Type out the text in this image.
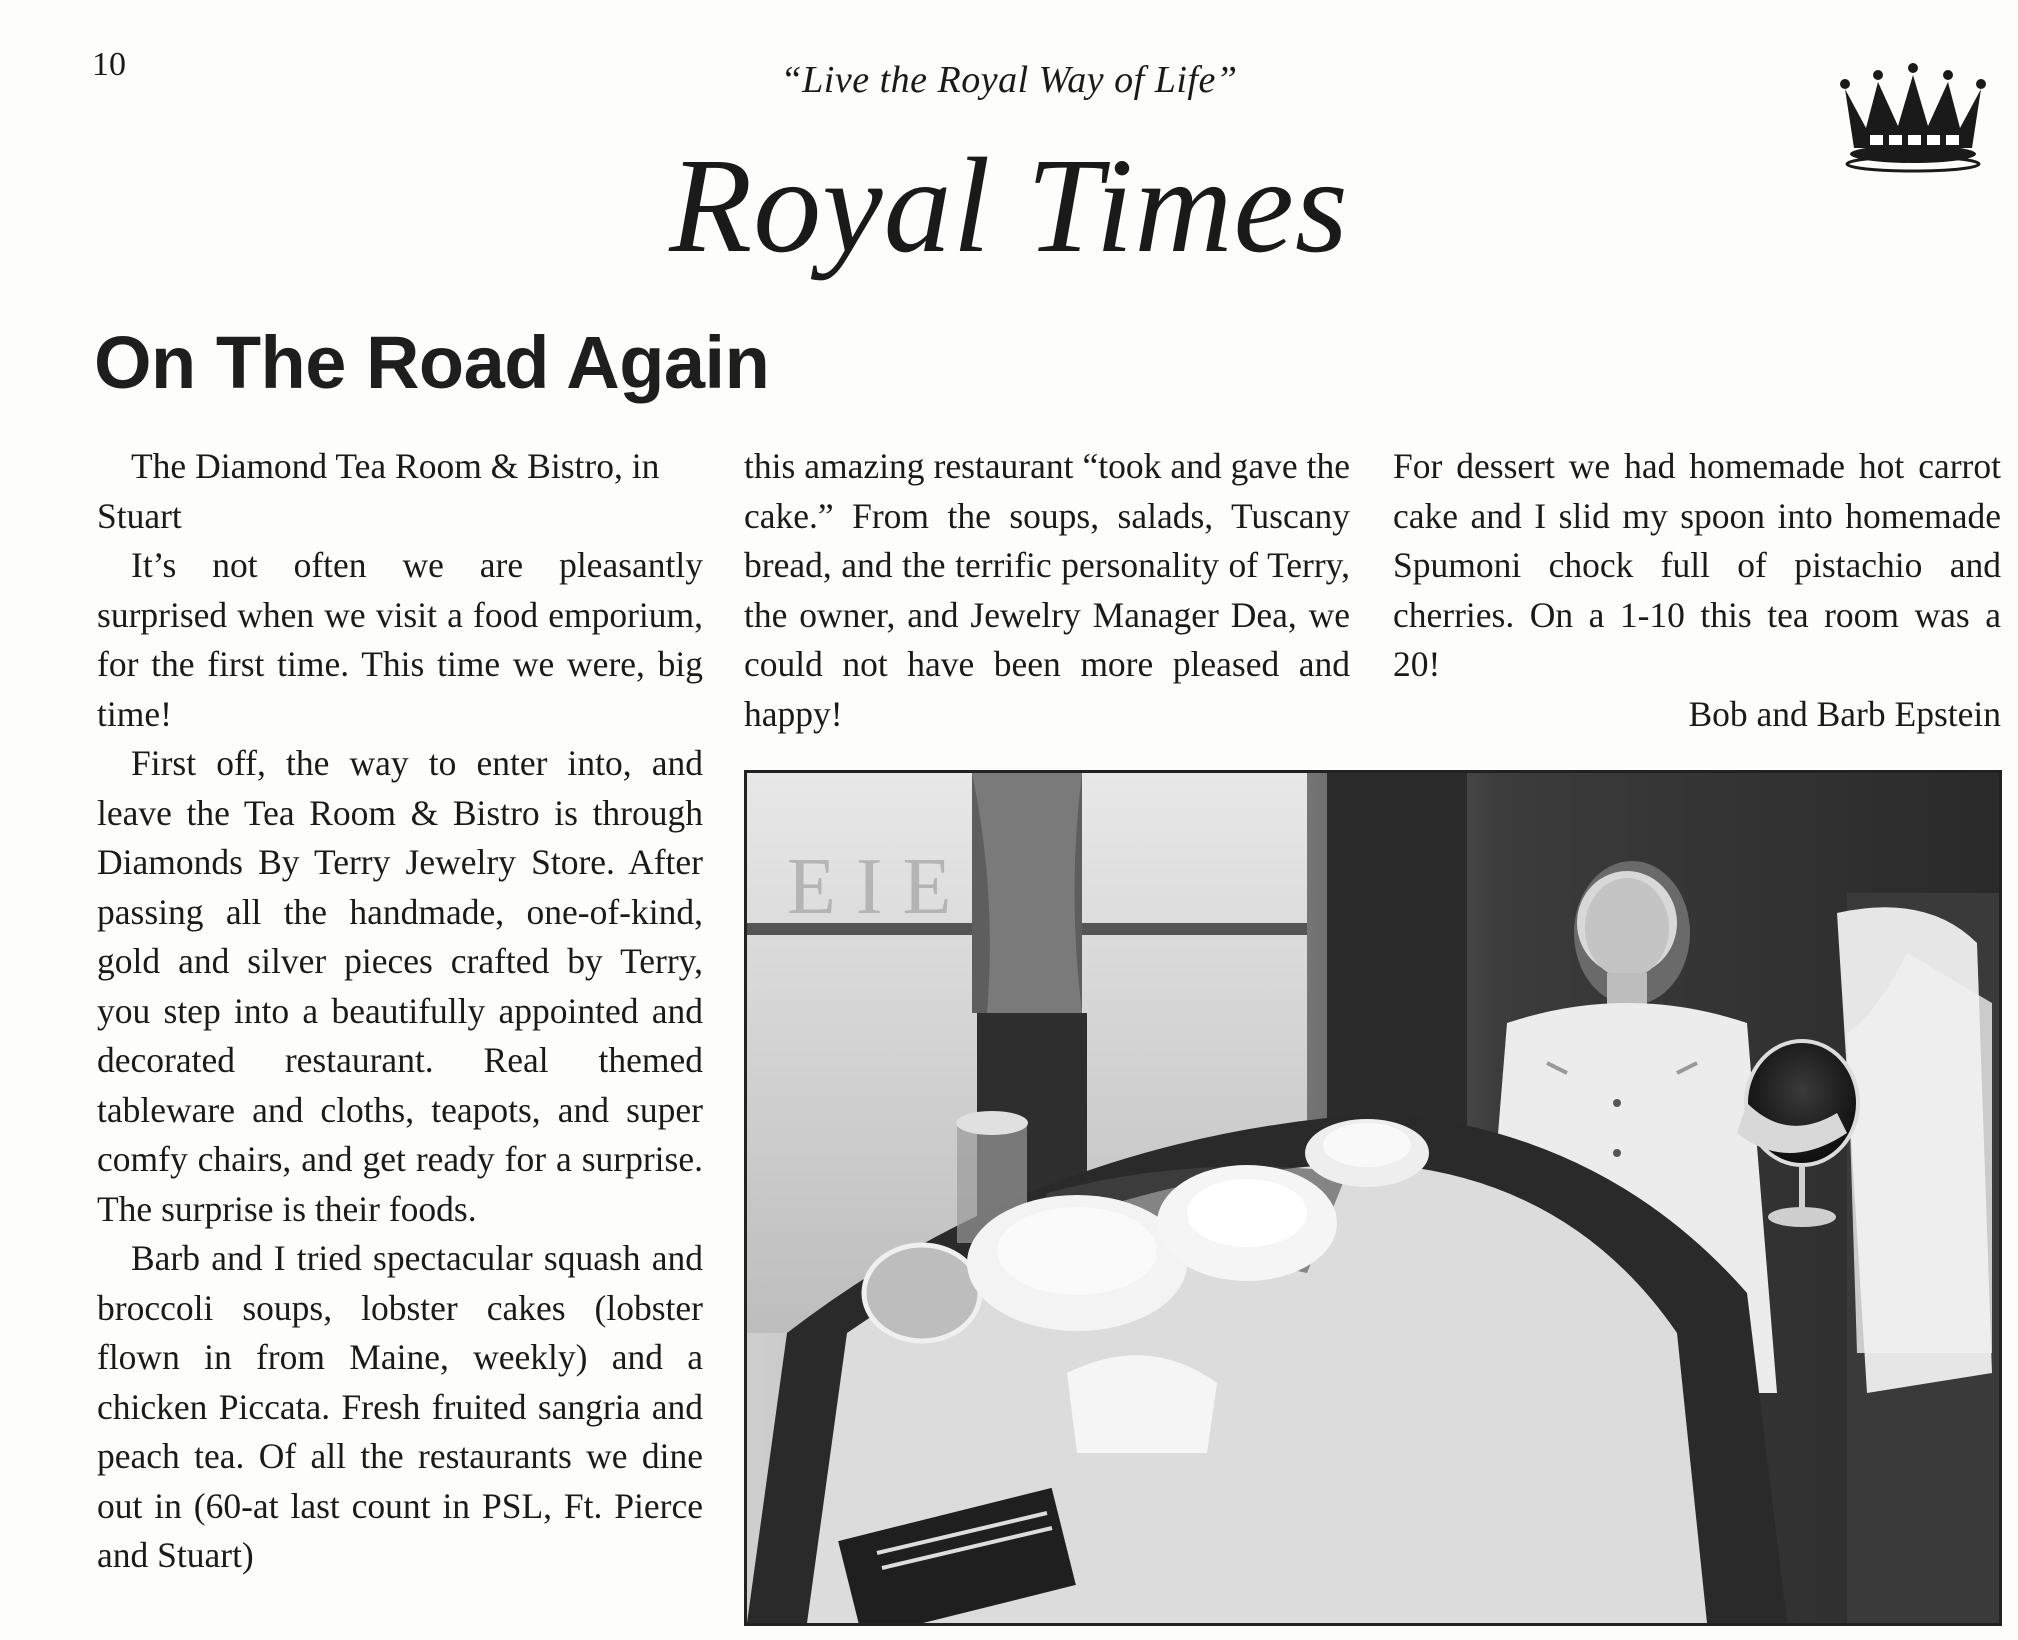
10	“Live the Royal Way of Life”
Royal Times
On The Road Again

The Diamond Tea Room & Bistro, in Stuart

It’s not often we are pleasantly surprised when we visit a food emporium, for the first time. This time we were, big time!

First off, the way to enter into, and leave the Tea Room & Bistro is through Diamonds By Terry Jewelry Store. After passing all the handmade, one-of-kind, gold and silver pieces crafted by Terry, you step into a beautifully appointed and decorated restaurant. Real themed tableware and cloths, teapots, and super comfy chairs, and get ready for a surprise. The surprise is their foods.

Barb and I tried spectacular squash and broccoli soups, lobster cakes (lobster flown in from Maine, weekly) and a chicken Piccata. Fresh fruited sangria and peach tea. Of all the restaurants we dine out in (60-at last count in PSL, Ft. Pierce and Stuart)

this amazing restaurant “took and gave the cake.” From the soups, salads, Tuscany bread, and the terrific personality of Terry, the owner, and Jewelry Manager Dea, we could not have been more pleased and happy!

For dessert we had homemade hot carrot cake and I slid my spoon into homemade Spumoni chock full of pistachio and cherries. On a 1-10 this tea room was a 20!

Bob and Barb Epstein

E I E
